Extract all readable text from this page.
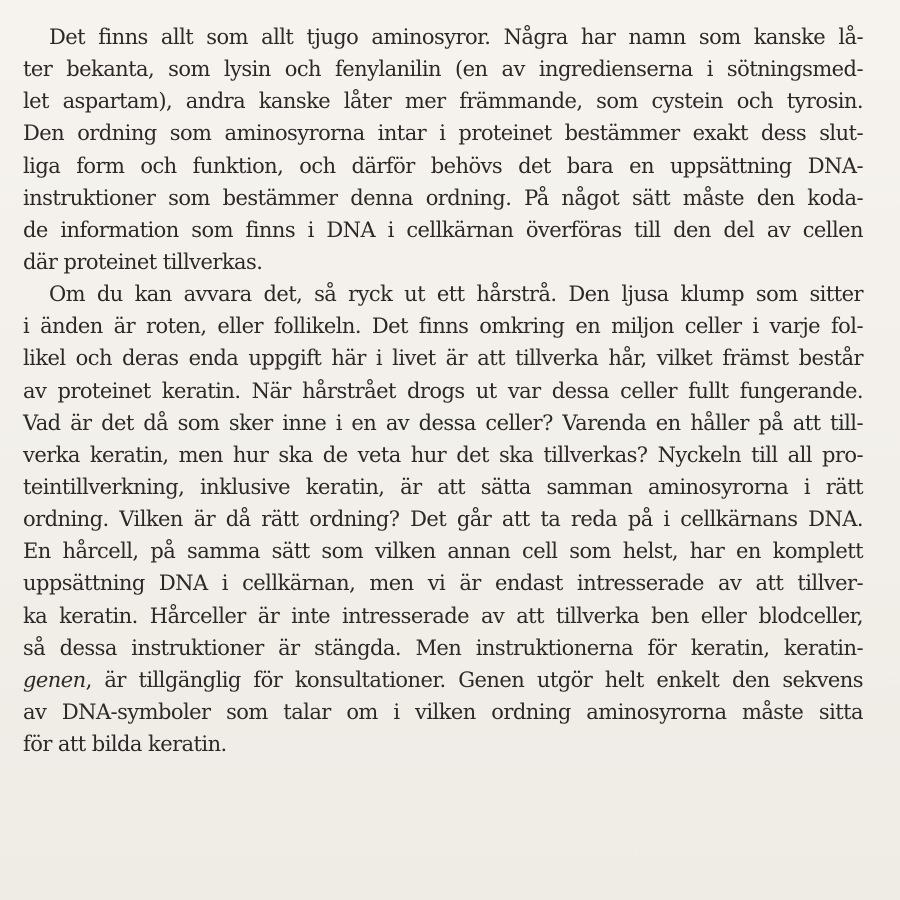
Det finns allt som allt tjugo aminosyror. Några har namn som kanske lå-
ter bekanta, som lysin och fenylanilin (en av ingredienserna i sötningsmed-
let aspartam), andra kanske låter mer främmande, som cystein och tyrosin.
Den ordning som aminosyrorna intar i proteinet bestämmer exakt dess slut-
liga form och funktion, och därför behövs det bara en uppsättning DNA-
instruktioner som bestämmer denna ordning. På något sätt måste den koda-
de information som finns i DNA i cellkärnan överföras till den del av cellen
där proteinet tillverkas.
Om du kan avvara det, så ryck ut ett hårstrå. Den ljusa klump som sitter
i änden är roten, eller follikeln. Det finns omkring en miljon celler i varje fol-
likel och deras enda uppgift här i livet är att tillverka hår, vilket främst består
av proteinet keratin. När hårstrået drogs ut var dessa celler fullt fungerande.
Vad är det då som sker inne i en av dessa celler? Varenda en håller på att till-
verka keratin, men hur ska de veta hur det ska tillverkas? Nyckeln till all pro-
teintillverkning, inklusive keratin, är att sätta samman aminosyrorna i rätt
ordning. Vilken är då rätt ordning? Det går att ta reda på i cellkärnans DNA.
En hårcell, på samma sätt som vilken annan cell som helst, har en komplett
uppsättning DNA i cellkärnan, men vi är endast intresserade av att tillver-
ka keratin. Hårceller är inte intresserade av att tillverka ben eller blodceller,
så dessa instruktioner är stängda. Men instruktionerna för keratin, keratin-
genen, är tillgänglig för konsultationer. Genen utgör helt enkelt den sekvens
av DNA-symboler som talar om i vilken ordning aminosyrorna måste sitta
för att bilda keratin.
